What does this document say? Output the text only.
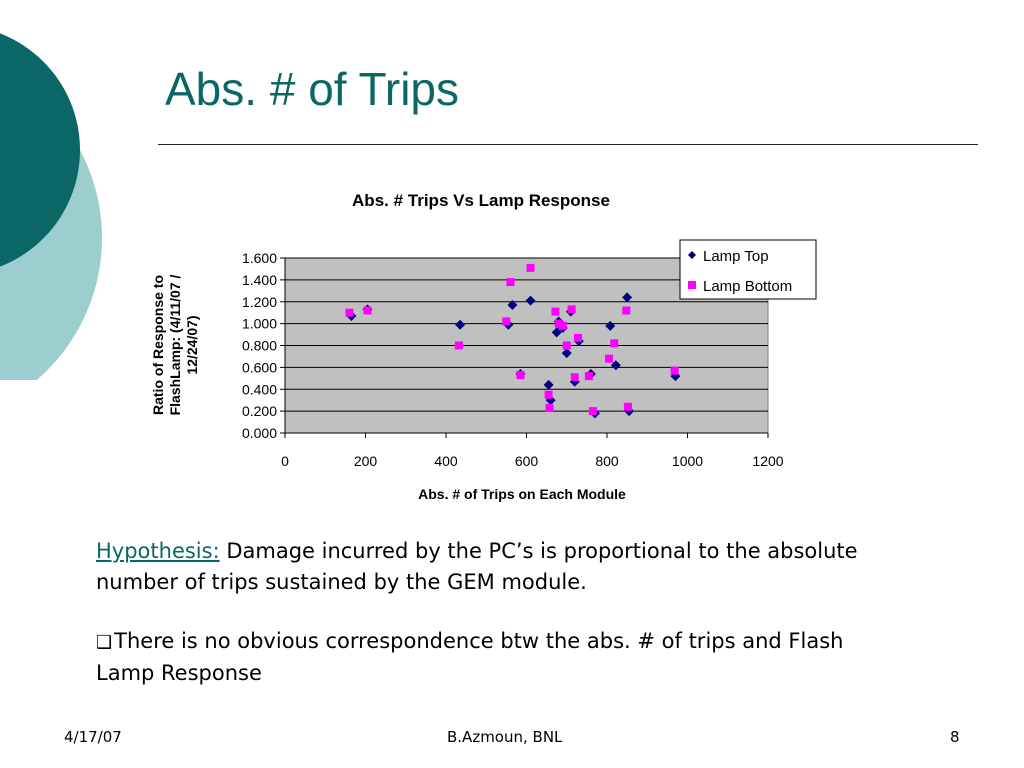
Abs. # of Trips
Abs. # Trips Vs Lamp Response
0.000
0.200
0.400
0.600
0.800
1.000
1.200
1.400
1.600
0	200	400	600	800	1000	1200
Abs. # of Trips on Each Module
Ratio of Response to FlashLamp: (4/11/07 / 12/24/07)
Lamp Top
Lamp Bottom

Hypothesis: Damage incurred by the PC’s is proportional to the absolute number of trips sustained by the GEM module.

❑There is no obvious correspondence btw the abs. # of trips and Flash Lamp Response

4/17/07	B.Azmoun, BNL	8
